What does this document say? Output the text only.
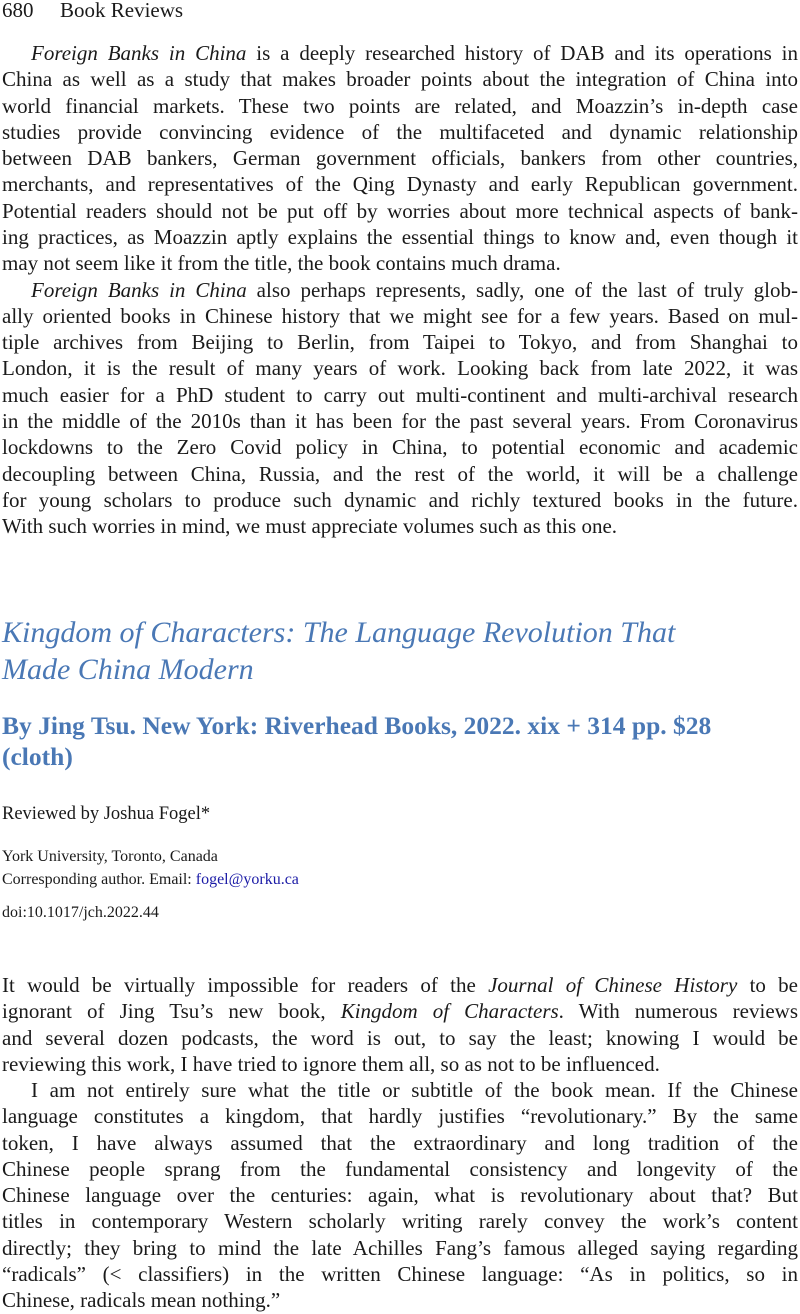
680 Book Reviews
Foreign Banks in China is a deeply researched history of DAB and its operations in
China as well as a study that makes broader points about the integration of China into
world financial markets. These two points are related, and Moazzin’s in-depth case
studies provide convincing evidence of the multifaceted and dynamic relationship
between DAB bankers, German government officials, bankers from other countries,
merchants, and representatives of the Qing Dynasty and early Republican government.
Potential readers should not be put off by worries about more technical aspects of bank-
ing practices, as Moazzin aptly explains the essential things to know and, even though it
may not seem like it from the title, the book contains much drama.
Foreign Banks in China also perhaps represents, sadly, one of the last of truly glob-
ally oriented books in Chinese history that we might see for a few years. Based on mul-
tiple archives from Beijing to Berlin, from Taipei to Tokyo, and from Shanghai to
London, it is the result of many years of work. Looking back from late 2022, it was
much easier for a PhD student to carry out multi-continent and multi-archival research
in the middle of the 2010s than it has been for the past several years. From Coronavirus
lockdowns to the Zero Covid policy in China, to potential economic and academic
decoupling between China, Russia, and the rest of the world, it will be a challenge
for young scholars to produce such dynamic and richly textured books in the future.
With such worries in mind, we must appreciate volumes such as this one.
Kingdom of Characters: The Language Revolution That
Made China Modern
By Jing Tsu. New York: Riverhead Books, 2022. xix + 314 pp. $28
(cloth)
Reviewed by Joshua Fogel*
York University, Toronto, Canada
Corresponding author. Email: fogel@yorku.ca
doi:10.1017/jch.2022.44
It would be virtually impossible for readers of the Journal of Chinese History to be
ignorant of Jing Tsu’s new book, Kingdom of Characters. With numerous reviews
and several dozen podcasts, the word is out, to say the least; knowing I would be
reviewing this work, I have tried to ignore them all, so as not to be influenced.
I am not entirely sure what the title or subtitle of the book mean. If the Chinese
language constitutes a kingdom, that hardly justifies “revolutionary.” By the same
token, I have always assumed that the extraordinary and long tradition of the
Chinese people sprang from the fundamental consistency and longevity of the
Chinese language over the centuries: again, what is revolutionary about that? But
titles in contemporary Western scholarly writing rarely convey the work’s content
directly; they bring to mind the late Achilles Fang’s famous alleged saying regarding
“radicals” (< classifiers) in the written Chinese language: “As in politics, so in
Chinese, radicals mean nothing.”
